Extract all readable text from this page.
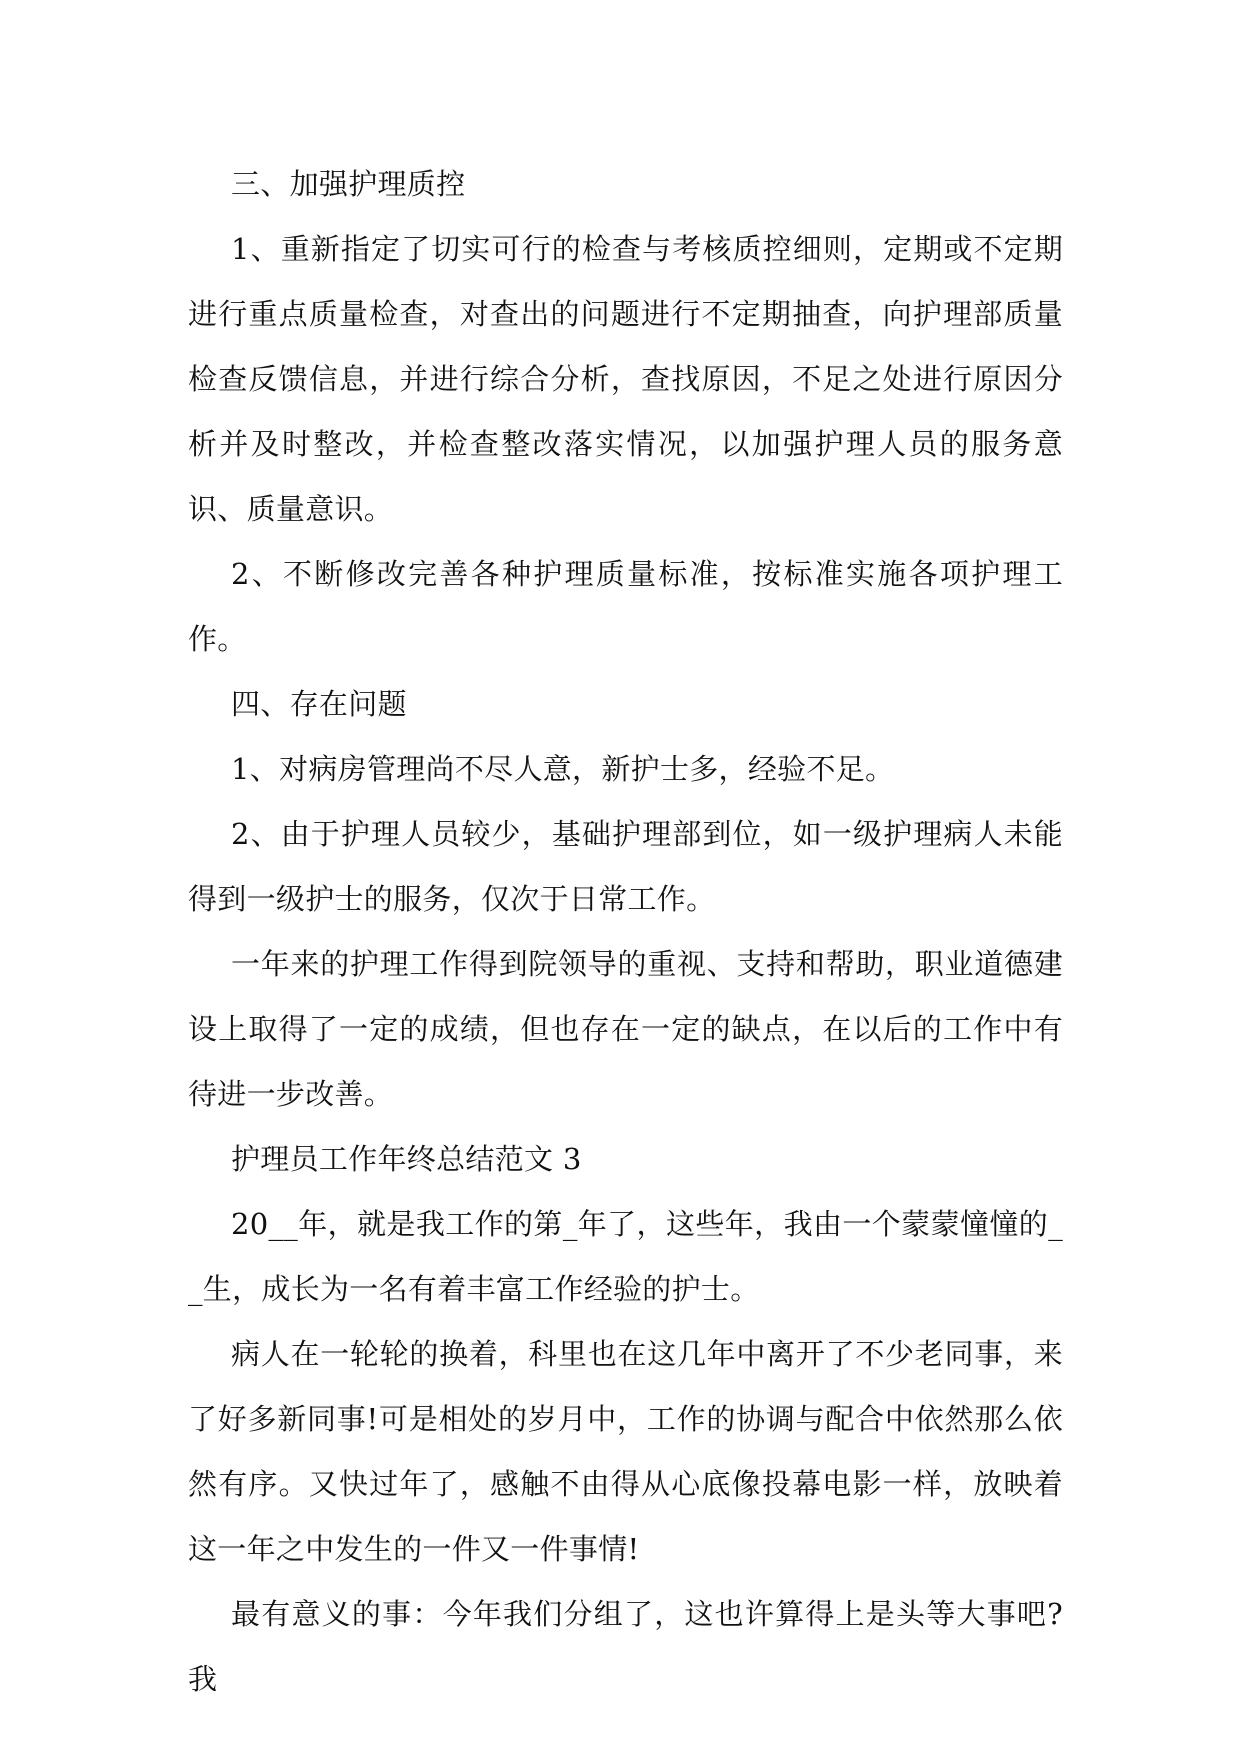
三、加强护理质控

1、重新指定了切实可行的检查与考核质控细则，定期或不定期进行重点质量检查，对查出的问题进行不定期抽查，向护理部质量检查反馈信息，并进行综合分析，查找原因，不足之处进行原因分析并及时整改，并检查整改落实情况，以加强护理人员的服务意识、质量意识。

2、不断修改完善各种护理质量标准，按标准实施各项护理工作。

四、存在问题

1、对病房管理尚不尽人意，新护士多，经验不足。

2、由于护理人员较少，基础护理部到位，如一级护理病人未能得到一级护士的服务，仅次于日常工作。

一年来的护理工作得到院领导的重视、支持和帮助，职业道德建设上取得了一定的成绩，但也存在一定的缺点，在以后的工作中有待进一步改善。

护理员工作年终总结范文 3

20__年，就是我工作的第_年了，这些年，我由一个蒙蒙憧憧的__生，成长为一名有着丰富工作经验的护士。

病人在一轮轮的换着，科里也在这几年中离开了不少老同事，来了好多新同事!可是相处的岁月中，工作的协调与配合中依然那么依然有序。又快过年了，感触不由得从心底像投幕电影一样，放映着这一年之中发生的一件又一件事情!

最有意义的事：今年我们分组了，这也许算得上是头等大事吧?我
